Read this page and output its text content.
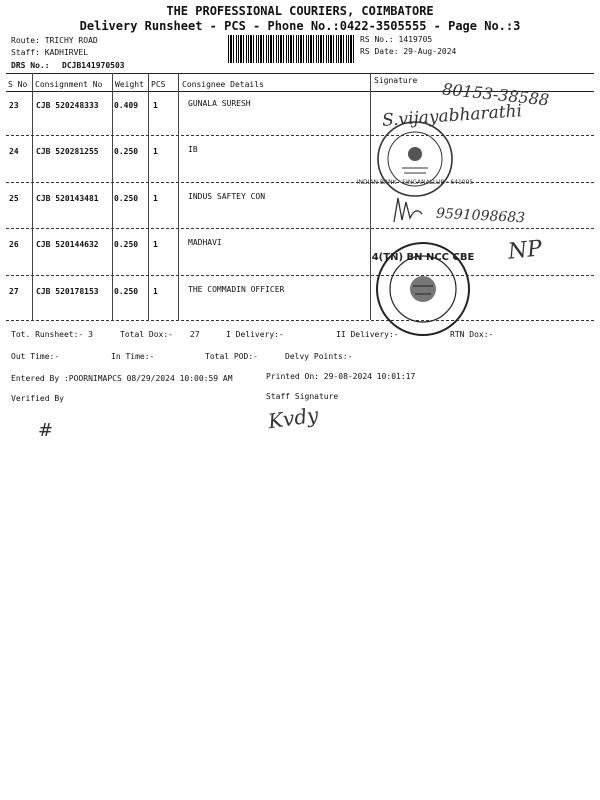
THE PROFESSIONAL COURIERS, COIMBATORE
Delivery Runsheet - PCS - Phone No.:0422-3505555 - Page No.:3
Route: TRICHY ROAD
Staff: KADHIRVEL
DRS No.: DCJB141970503
RS No.: 1419705
RS Date: 29-Aug-2024
S No Consignment No Weight PCS Consignee Details	Signature
23 CJB 520248333 0.409 1	GUNALA SURESH
24 CJB 520281255 0.250 1	IB
25 CJB 520143481 0.250 1	INDUS SAFTEY CON
26 CJB 520144632 0.250 1	MADHAVI
27 CJB 520178153 0.250 1	THE COMMADIN OFFICER
80153-38588
S.vijayabharathi
9591098683
NP
INDIAN BANK · SINGANALLUR · 641005
4(TN) BN NCC CBE
Tot. Runsheet:- 3	Total Dox:- 27	I Delivery:-	II Delivery:-	RTN Dox:-
Out Time:-	In Time:-	Total POD:-	Delvy Points:-
Entered By :POORNIMAPCS 08/29/2024 10:00:59 AM	Printed On: 29-08-2024 10:01:17
Verified By	Staff Signature
Kvdy
#
